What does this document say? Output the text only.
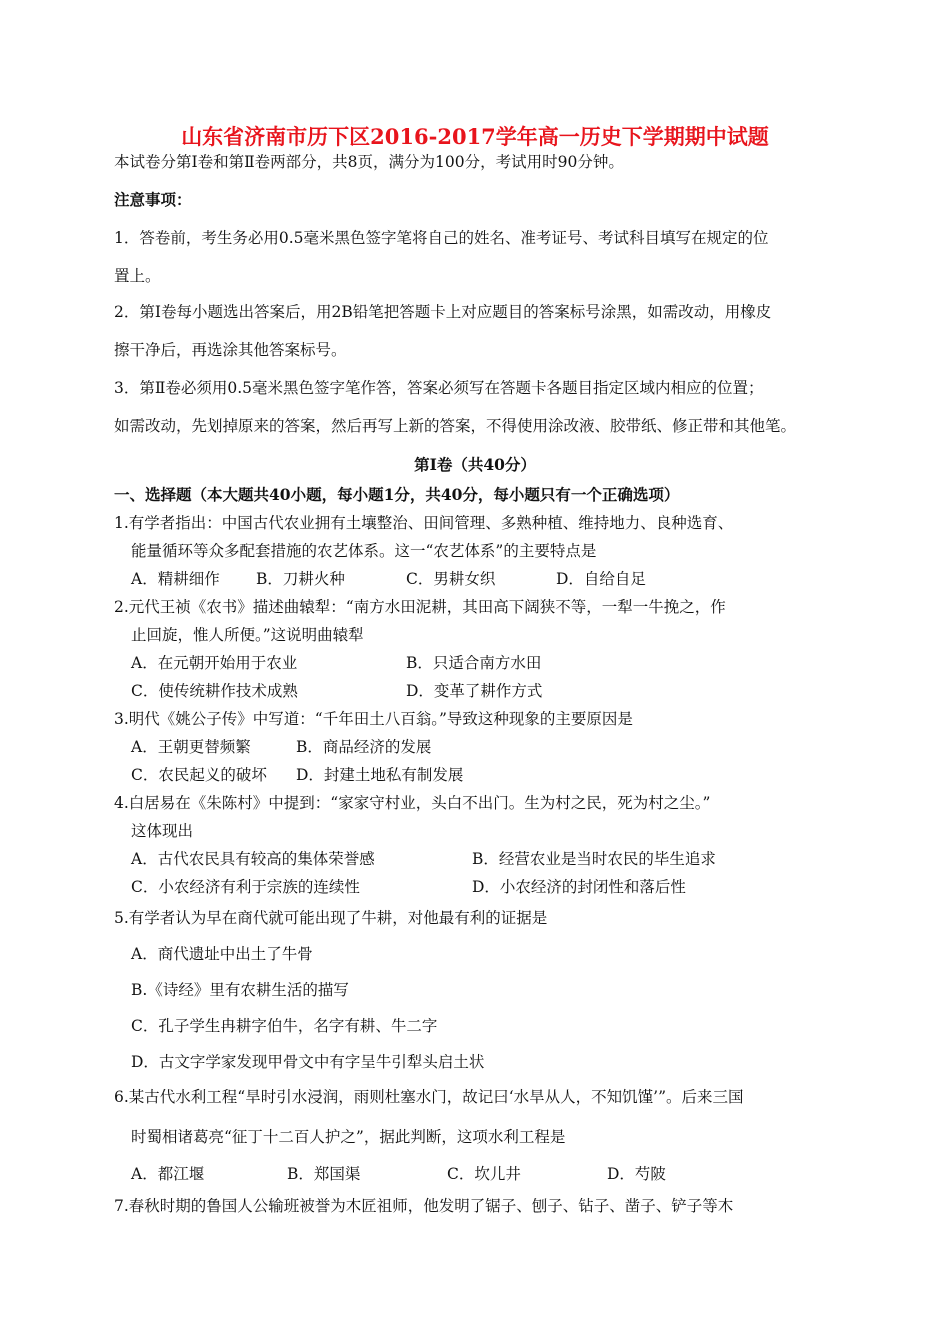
山东省济南市历下区2016-2017学年高一历史下学期期中试题
本试卷分第Ⅰ卷和第Ⅱ卷两部分，共8页，满分为100分，考试用时90分钟。
注意事项：
1．答卷前，考生务必用0.5毫米黑色签字笔将自己的姓名、准考证号、考试科目填写在规定的位
置上。
2．第Ⅰ卷每小题选出答案后，用2B铅笔把答题卡上对应题目的答案标号涂黑，如需改动，用橡皮
擦干净后，再选涂其他答案标号。
3．第Ⅱ卷必须用0.5毫米黑色签字笔作答，答案必须写在答题卡各题目指定区域内相应的位置；
如需改动，先划掉原来的答案，然后再写上新的答案，不得使用涂改液、胶带纸、修正带和其他笔。
第Ⅰ卷（共40分）
一、选择题（本大题共40小题，每小题1分，共40分，每小题只有一个正确选项）
1.有学者指出：中国古代农业拥有土壤整治、田间管理、多熟种植、维持地力、良种选育、
能量循环等众多配套措施的农艺体系。这一“农艺体系”的主要特点是
A．精耕细作 B．刀耕火种	C．男耕女织	D．自给自足
2.元代王祯《农书》描述曲辕犁：“南方水田泥耕，其田高下阔狭不等，一犁一牛挽之，作
止回旋，惟人所便。”这说明曲辕犁
A．在元朝开始用于农业	B．只适合南方水田
C．使传统耕作技术成熟	D．变革了耕作方式
3.明代《姚公子传》中写道：“千年田土八百翁。”导致这种现象的主要原因是
A．王朝更替频繁	B．商品经济的发展
C．农民起义的破坏 D．封建土地私有制发展
4.白居易在《朱陈村》中提到：“家家守村业，头白不出门。生为村之民，死为村之尘。”
这体现出
A．古代农民具有较高的集体荣誉感	B．经营农业是当时农民的毕生追求
C．小农经济有利于宗族的连续性	D．小农经济的封闭性和落后性
5.有学者认为早在商代就可能出现了牛耕，对他最有利的证据是
A．商代遗址中出土了牛骨
B.《诗经》里有农耕生活的描写
C．孔子学生冉耕字伯牛，名字有耕、牛二字
D．古文字学家发现甲骨文中有字呈牛引犁头启土状
6.某古代水利工程“旱时引水浸润，雨则杜塞水门，故记曰‘水旱从人，不知饥馑’”。后来三国
时蜀相诸葛亮“征丁十二百人护之”，据此判断，这项水利工程是
A．都江堰	B．郑国渠	C．坎儿井	D．芍陂
7.春秋时期的鲁国人公输班被誉为木匠祖师，他发明了锯子、刨子、钻子、凿子、铲子等木
